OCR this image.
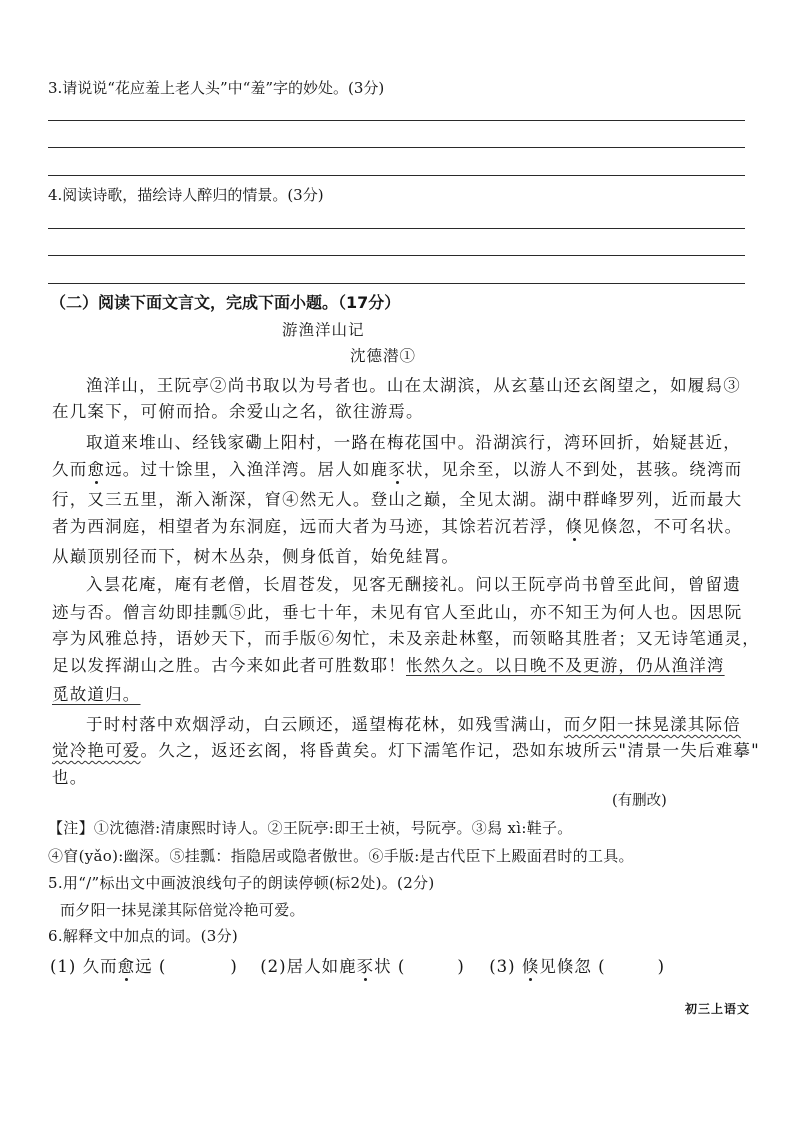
3.请说说“花应羞上老人头”中“羞”字的妙处。(3分)
4.阅读诗歌，描绘诗人醉归的情景。(3分)
（二）阅读下面文言文，完成下面小题。（17分）
游渔洋山记
沈德潜①
渔洋山，王阮亭②尚书取以为号者也。山在太湖滨，从玄墓山还玄阁望之，如履舄③
在几案下，可俯而拾。余爱山之名，欲往游焉。
取道来堆山、经钱家磡上阳村，一路在梅花国中。沿湖滨行，湾环回折，始疑甚近，
久而愈远。过十馀里，入渔洋湾。居人如鹿豕状，见余至，以游人不到处，甚骇。绕湾而
行，又三五里，渐入渐深，窅④然无人。登山之巅，全见太湖。湖中群峰罗列，近而最大
者为西洞庭，相望者为东洞庭，远而大者为马迹，其馀若沉若浮，倏见倏忽，不可名状。
从巅顶别径而下，树木丛杂，侧身低首，始免絓罥。
入昙花庵，庵有老僧，长眉苍发，见客无酬接礼。问以王阮亭尚书曾至此间，曾留遗
迹与否。僧言幼即挂瓢⑤此，垂七十年，未见有官人至此山，亦不知王为何人也。因思阮
亭为风雅总持，语妙天下，而手版⑥匆忙，未及亲赴林壑，而领略其胜者；又无诗笔通灵，
足以发挥湖山之胜。古今来如此者可胜数耶！怅然久之。以日晚不及更游，仍从渔洋湾
觅故道归。
于时村落中欢烟浮动，白云顾还，遥望梅花林，如残雪满山，而夕阳一抹晃漾其际倍
觉冷艳可爱。久之，返还玄阁，将昏黄矣。灯下濡笔作记，恐如东坡所云"清景一失后难摹"
也。
(有删改)
【注】①沈德潜:清康熙时诗人。②王阮亭:即王士祯，号阮亭。③舄 xì:鞋子。
④窅(yǎo):幽深。⑤挂瓢：指隐居或隐者傲世。⑥手版:是古代臣下上殿面君时的工具。
5.用“/”标出文中画波浪线句子的朗读停顿(标2处)。(2分)
而夕阳一抹晃漾其际倍觉冷艳可爱。
6.解释文中加点的词。(3分)
(1) 久而愈远 (	) (2)居人如鹿豕状 (	) (3) 倏见倏忽 (	)
初三上语文
